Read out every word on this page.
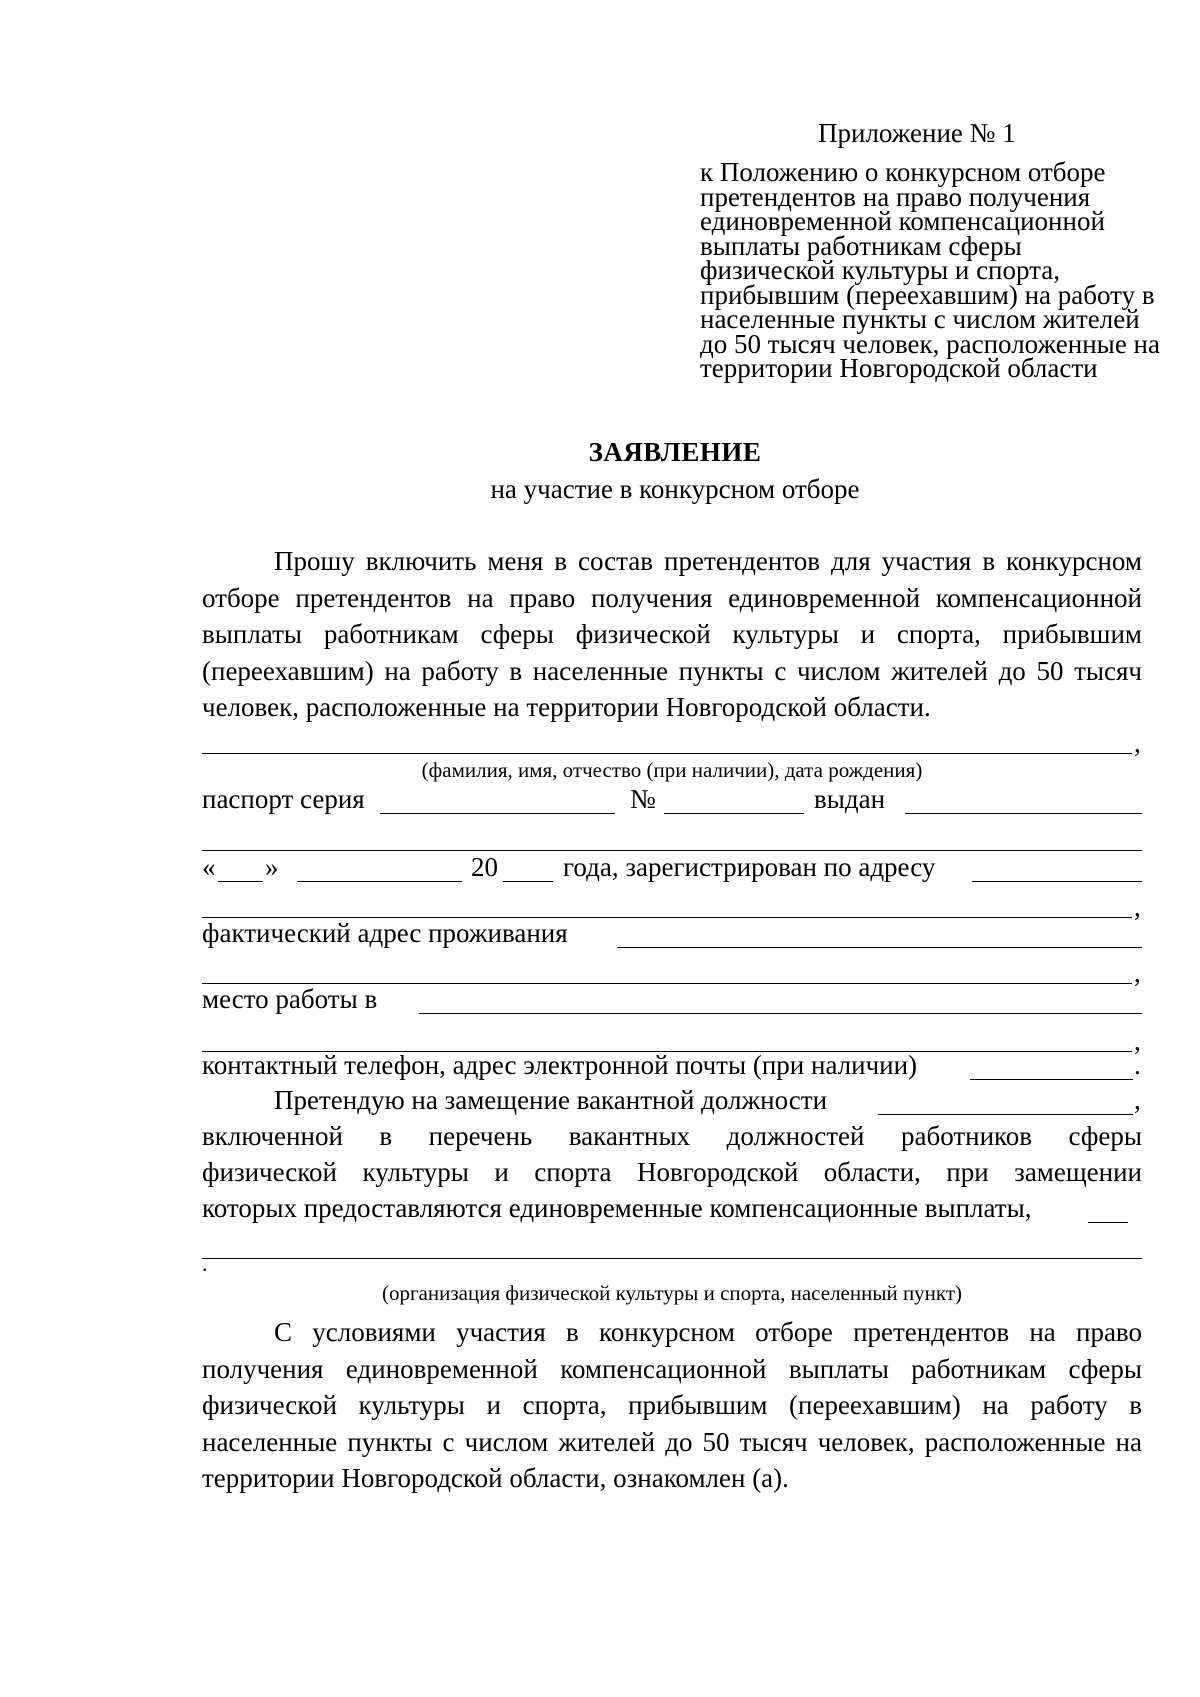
Приложение № 1
к Положению о конкурсном отборе претендентов на право получения единовременной компенсационной выплаты работникам сферы физической культуры и спорта, прибывшим (переехавшим) на работу в населенные пункты с числом жителей до 50 тысяч человек, расположенные на территории Новгородской области
ЗАЯВЛЕНИЕ
на участие в конкурсном отборе
Прошу включить меня в состав претендентов для участия в конкурсном отборе претендентов на право получения единовременной компенсационной выплаты работникам сферы физической культуры и спорта, прибывшим (переехавшим) на работу в населенные пункты с числом жителей до 50 тысяч человек, расположенные на территории Новгородской области.
,
(фамилия, имя, отчество (при наличии), дата рождения)
паспорт серия	№	выдан
« »	20 года, зарегистрирован по адресу
,
фактический адрес проживания
,
место работы в
,
контактный телефон, адрес электронной почты (при наличии)	.
Претендую на замещение вакантной должности	,
включенной в перечень вакантных должностей работников сферы
физической культуры и спорта Новгородской области, при замещении
которых предоставляются единовременные компенсационные выплаты,
.
(организация физической культуры и спорта, населенный пункт)
С условиями участия в конкурсном отборе претендентов на право получения единовременной компенсационной выплаты работникам сферы физической культуры и спорта, прибывшим (переехавшим) на работу в населенные пункты с числом жителей до 50 тысяч человек, расположенные на территории Новгородской области, ознакомлен (а).
